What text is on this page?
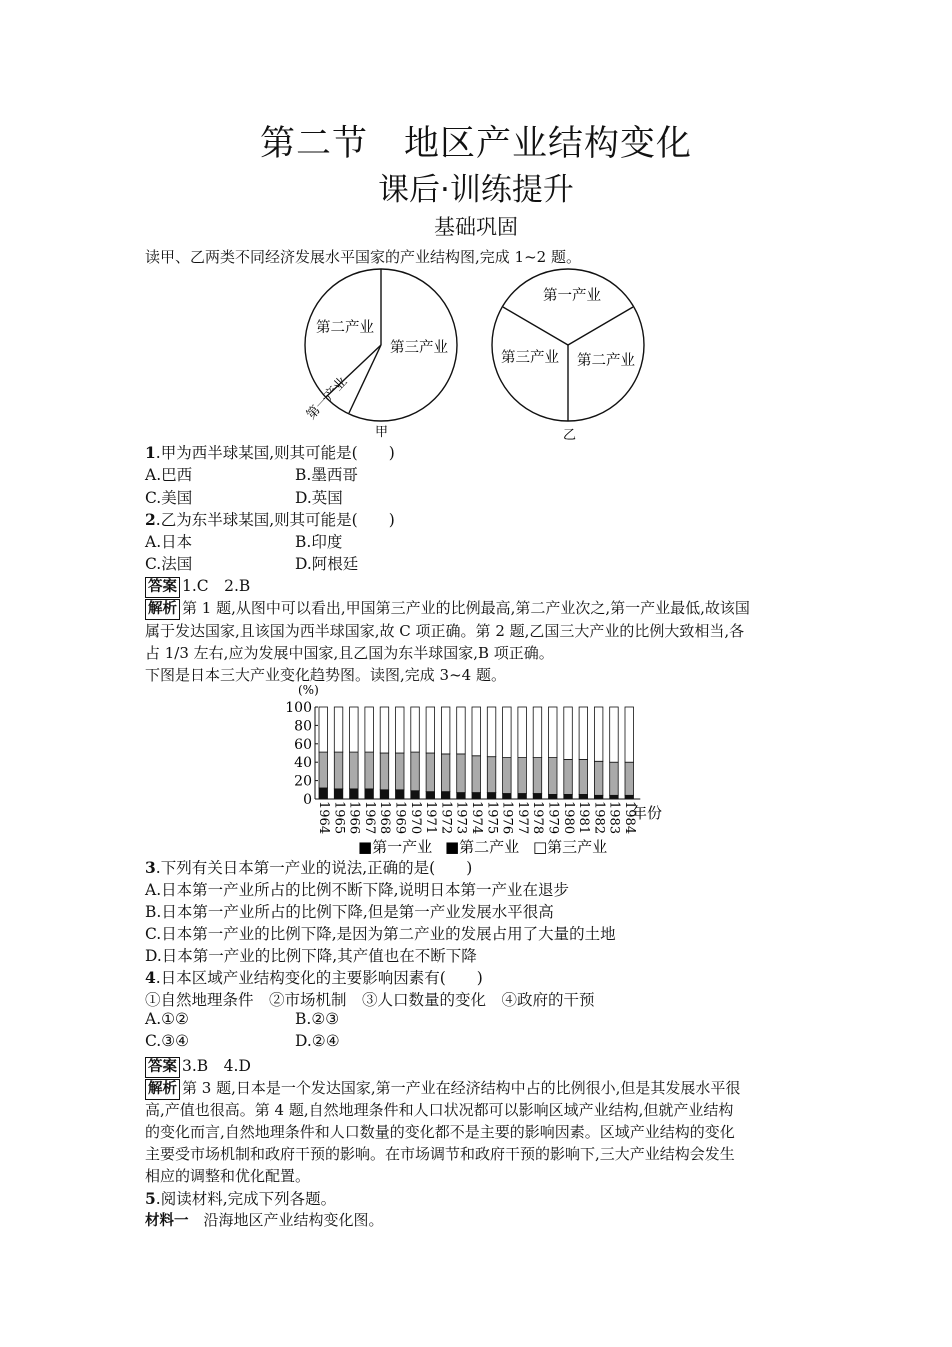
第二节　地区产业结构变化
课后·训练提升
基础巩固
读甲、乙两类不同经济发展水平国家的产业结构图,完成 1~2 题。
第二产业
第三产业
第一产业
甲
第一产业
第三产业 第二产业
乙
1.甲为西半球某国,则其可能是(　　)
A.巴西	B.墨西哥
C.美国	D.英国
2.乙为东半球某国,则其可能是(　　)
A.日本	B.印度
C.法国	D.阿根廷
答案 1.C　2.B
解析 第 1 题,从图中可以看出,甲国第三产业的比例最高,第二产业次之,第一产业最低,故该国
属于发达国家,且该国为西半球国家,故 C 项正确。第 2 题,乙国三大产业的比例大致相当,各
占 1/3 左右,应为发展中国家,且乙国为东半球国家,B 项正确。
下图是日本三大产业变化趋势图。读图,完成 3~4 题。
(%)
100
80
60
40
20
0
1964 1965 1966 1967 1968 1969 1970 1971 1972 1973 1974 1975 1976 1977 1978 1979 1980 1981 1982 1983 1984
年份
■第一产业 ■第二产业 □第三产业
3.下列有关日本第一产业的说法,正确的是(　　)
A.日本第一产业所占的比例不断下降,说明日本第一产业在退步
B.日本第一产业所占的比例下降,但是第一产业发展水平很高
C.日本第一产业的比例下降,是因为第二产业的发展占用了大量的土地
D.日本第一产业的比例下降,其产值也在不断下降
4.日本区域产业结构变化的主要影响因素有(　　)
①自然地理条件　②市场机制　③人口数量的变化　④政府的干预
A.①②	B.②③
C.③④	D.②④
答案 3.B　4.D
解析 第 3 题,日本是一个发达国家,第一产业在经济结构中占的比例很小,但是其发展水平很
高,产值也很高。第 4 题,自然地理条件和人口状况都可以影响区域产业结构,但就产业结构
的变化而言,自然地理条件和人口数量的变化都不是主要的影响因素。区域产业结构的变化
主要受市场机制和政府干预的影响。在市场调节和政府干预的影响下,三大产业结构会发生
相应的调整和优化配置。
5.阅读材料,完成下列各题。
材料一　沿海地区产业结构变化图。
